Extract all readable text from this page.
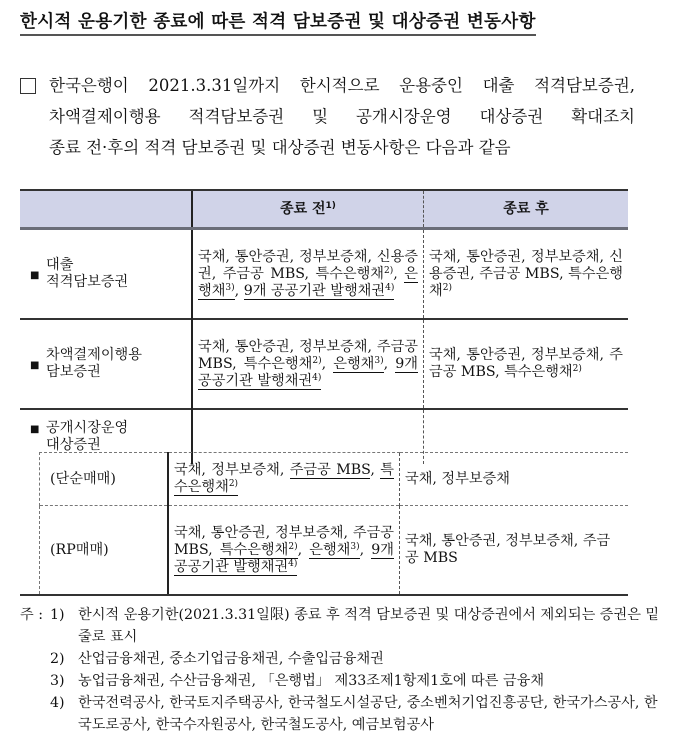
한시적 운용기한 종료에 따른 적격 담보증권 및 대상증권 변동사항
한국은행이 2021.3.31일까지 한시적으로 운용중인 대출 적격담보증권,
차액결제이행용 적격담보증권 및 공개시장운영 대상증권 확대조치
종료 전·후의 적격 담보증권 및 대상증권 변동사항은 다음과 같음
	종료 전$^{1)}$	종료 후

■
대출
적격담보증권	국채, 통안증권, 정부보증채, 신용증권, 주금공 MBS, 특수은행채$^{2)}$, 은행채$^{3)}$, 9개 공공기관 발행채권$^{4)}$	국채, 통안증권, 정부보증채, 신용증권, 주금공 MBS, 특수은행채$^{2)}$

■
차액결제이행용
담보증권	국채, 통안증권, 정부보증채, 주금공 MBS, 특수은행채$^{2)}$, 은행채$^{3)}$, 9개 공공기관 발행채권$^{4)}$	국채, 통안증권, 정부보증채, 주금공 MBS, 특수은행채$^{2)}$

■ 공개시장운영
대상증권		

	(단순매매)	국채, 정부보증채, 주금공 MBS, 특수은행채$^{2)}$	국채, 정부보증채
	(RP매매)	국채, 통안증권, 정부보증채, 주금공 MBS, 특수은행채$^{2)}$, 은행채$^{3)}$, 9개 공공기관 발행채권$^{4)}$	국채, 통안증권, 정부보증채, 주금공 MBS
주 : 1) 한시적 운용기한(2021.3.31일限) 종료 후 적격 담보증권 및 대상증권에서 제외되는 증권은 밑줄로 표시
2) 산업금융채권, 중소기업금융채권, 수출입금융채권
3) 농업금융채권, 수산금융채권, 「은행법」 제33조제1항제1호에 따른 금융채
4) 한국전력공사, 한국토지주택공사, 한국철도시설공단, 중소벤처기업진흥공단, 한국가스공사, 한국도로공사, 한국수자원공사, 한국철도공사, 예금보험공사
